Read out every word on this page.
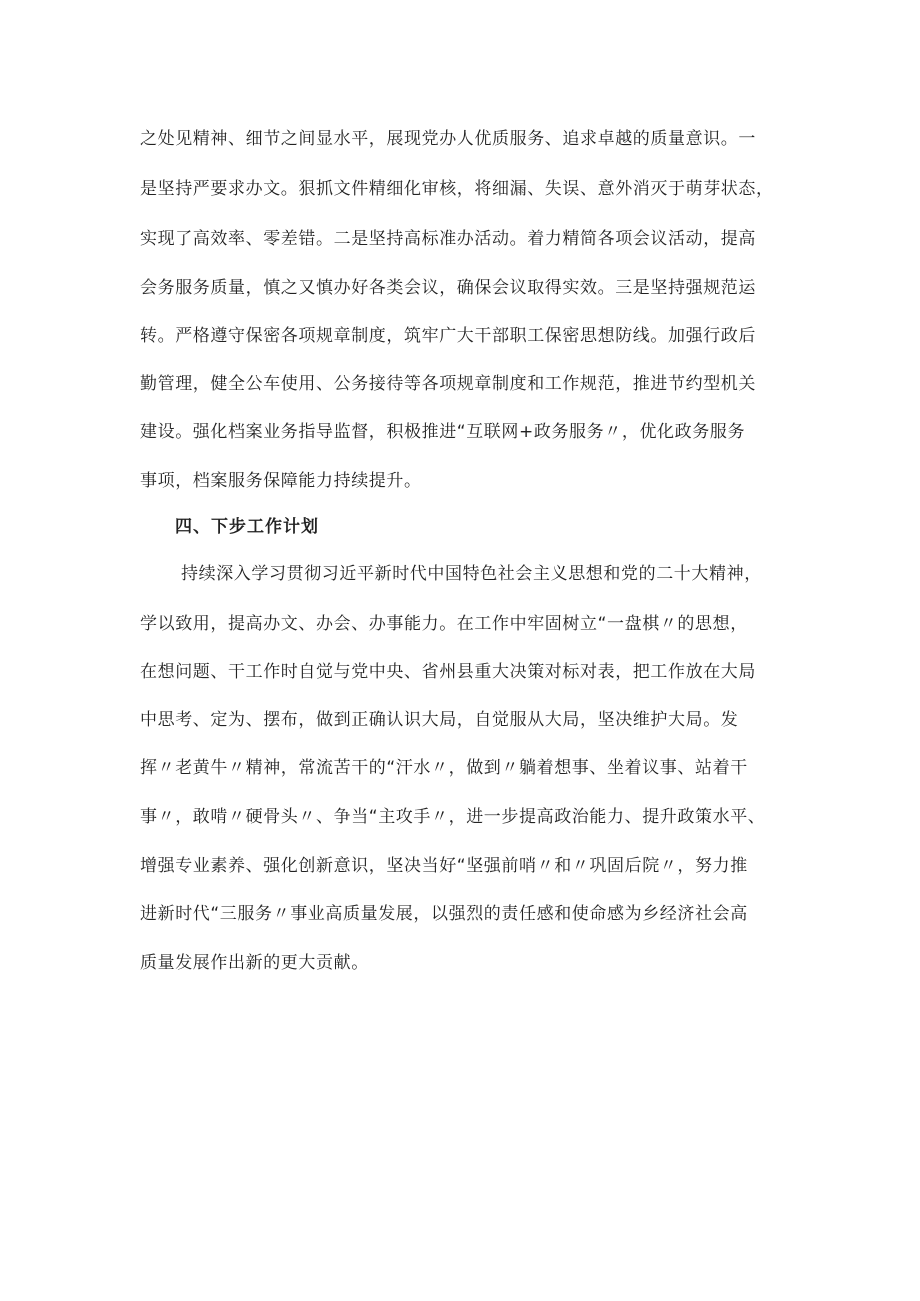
之处见精神、细节之间显水平，展现党办人优质服务、追求卓越的质量意识。一
是坚持严要求办文。狠抓文件精细化审核，将细漏、失误、意外消灭于萌芽状态，
实现了高效率、零差错。二是坚持高标准办活动。着力精简各项会议活动，提高
会务服务质量，慎之又慎办好各类会议，确保会议取得实效。三是坚持强规范运
转。严格遵守保密各项规章制度，筑牢广大干部职工保密思想防线。加强行政后
勤管理，健全公车使用、公务接待等各项规章制度和工作规范，推进节约型机关
建设。强化档案业务指导监督，积极推进“互联网+政务服务〃，优化政务服务
事项，档案服务保障能力持续提升。
四、下步工作计划
持续深入学习贯彻习近平新时代中国特色社会主义思想和党的二十大精神，
学以致用，提高办文、办会、办事能力。在工作中牢固树立“一盘棋〃的思想，
在想问题、干工作时自觉与党中央、省州县重大决策对标对表，把工作放在大局
中思考、定为、摆布，做到正确认识大局，自觉服从大局，坚决维护大局。发
挥〃老黄牛〃精神，常流苦干的“汗水〃，做到〃躺着想事、坐着议事、站着干
事〃，敢啃〃硬骨头〃、争当“主攻手〃，进一步提高政治能力、提升政策水平、
增强专业素养、强化创新意识，坚决当好“坚强前哨〃和〃巩固后院〃，努力推
进新时代“三服务〃事业高质量发展，以强烈的责任感和使命感为乡经济社会高
质量发展作出新的更大贡献。
